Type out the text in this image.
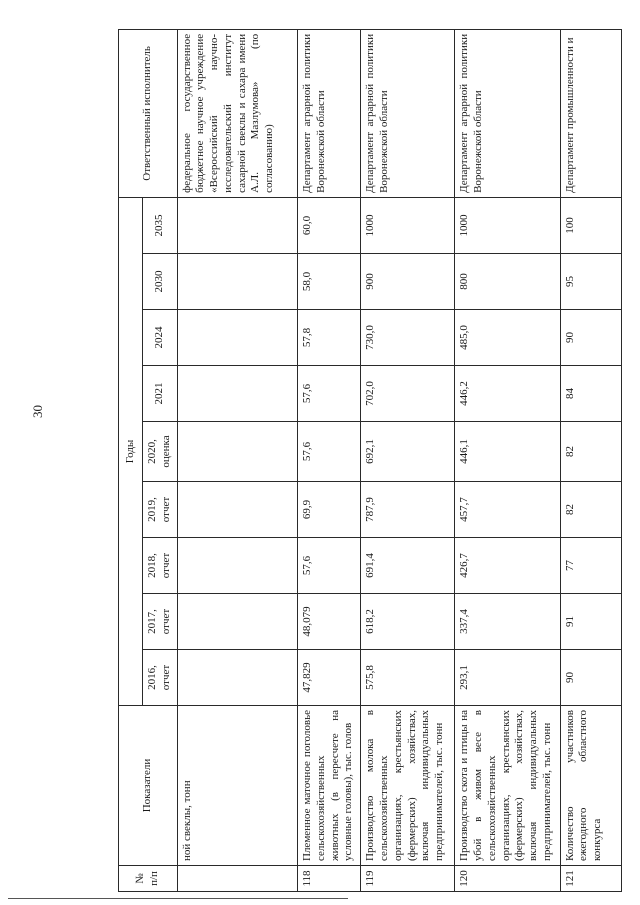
30
№ п/п	Показатели	Годы									Ответственный исполнитель
		2016, отчет	2017, отчет	2018, отчет	2019, отчет	2020, оценка	2021	2024	2030	2035	
	ной свеклы, тонн										федеральное государственное бюджетное научное учреждение «Всероссийский научно-исследовательский институт сахарной свеклы и сахара имени А.Л. Мазлумова» (по согласованию)
118	Племенное маточное поголовье сельскохозяйственных животных (в пересчете на условные головы), тыс. голов	47,829	48,079	57,6	69,9	57,6	57,6	57,8	58,0	60,0	Департамент аграрной политики Воронежской области
119	Производство молока в сельскохозяйственных организациях, крестьянских (фермерских) хозяйствах, включая индивидуальных предпринимателей, тыс. тонн	575,8	618,2	691,4	787,9	692,1	702,0	730,0	900	1000	Департамент аграрной политики Воронежской области
120	Производство скота и птицы на убой в живом весе в сельскохозяйственных организациях, крестьянских (фермерских) хозяйствах, включая индивидуальных предпринимателей, тыс. тонн	293,1	337,4	426,7	457,7	446,1	446,2	485,0	800	1000	Департамент аграрной политики Воронежской области
121	Количество участников ежегодного областного конкурса	90	91	77	82	82	84	90	95	100	Департамент промышленности и
